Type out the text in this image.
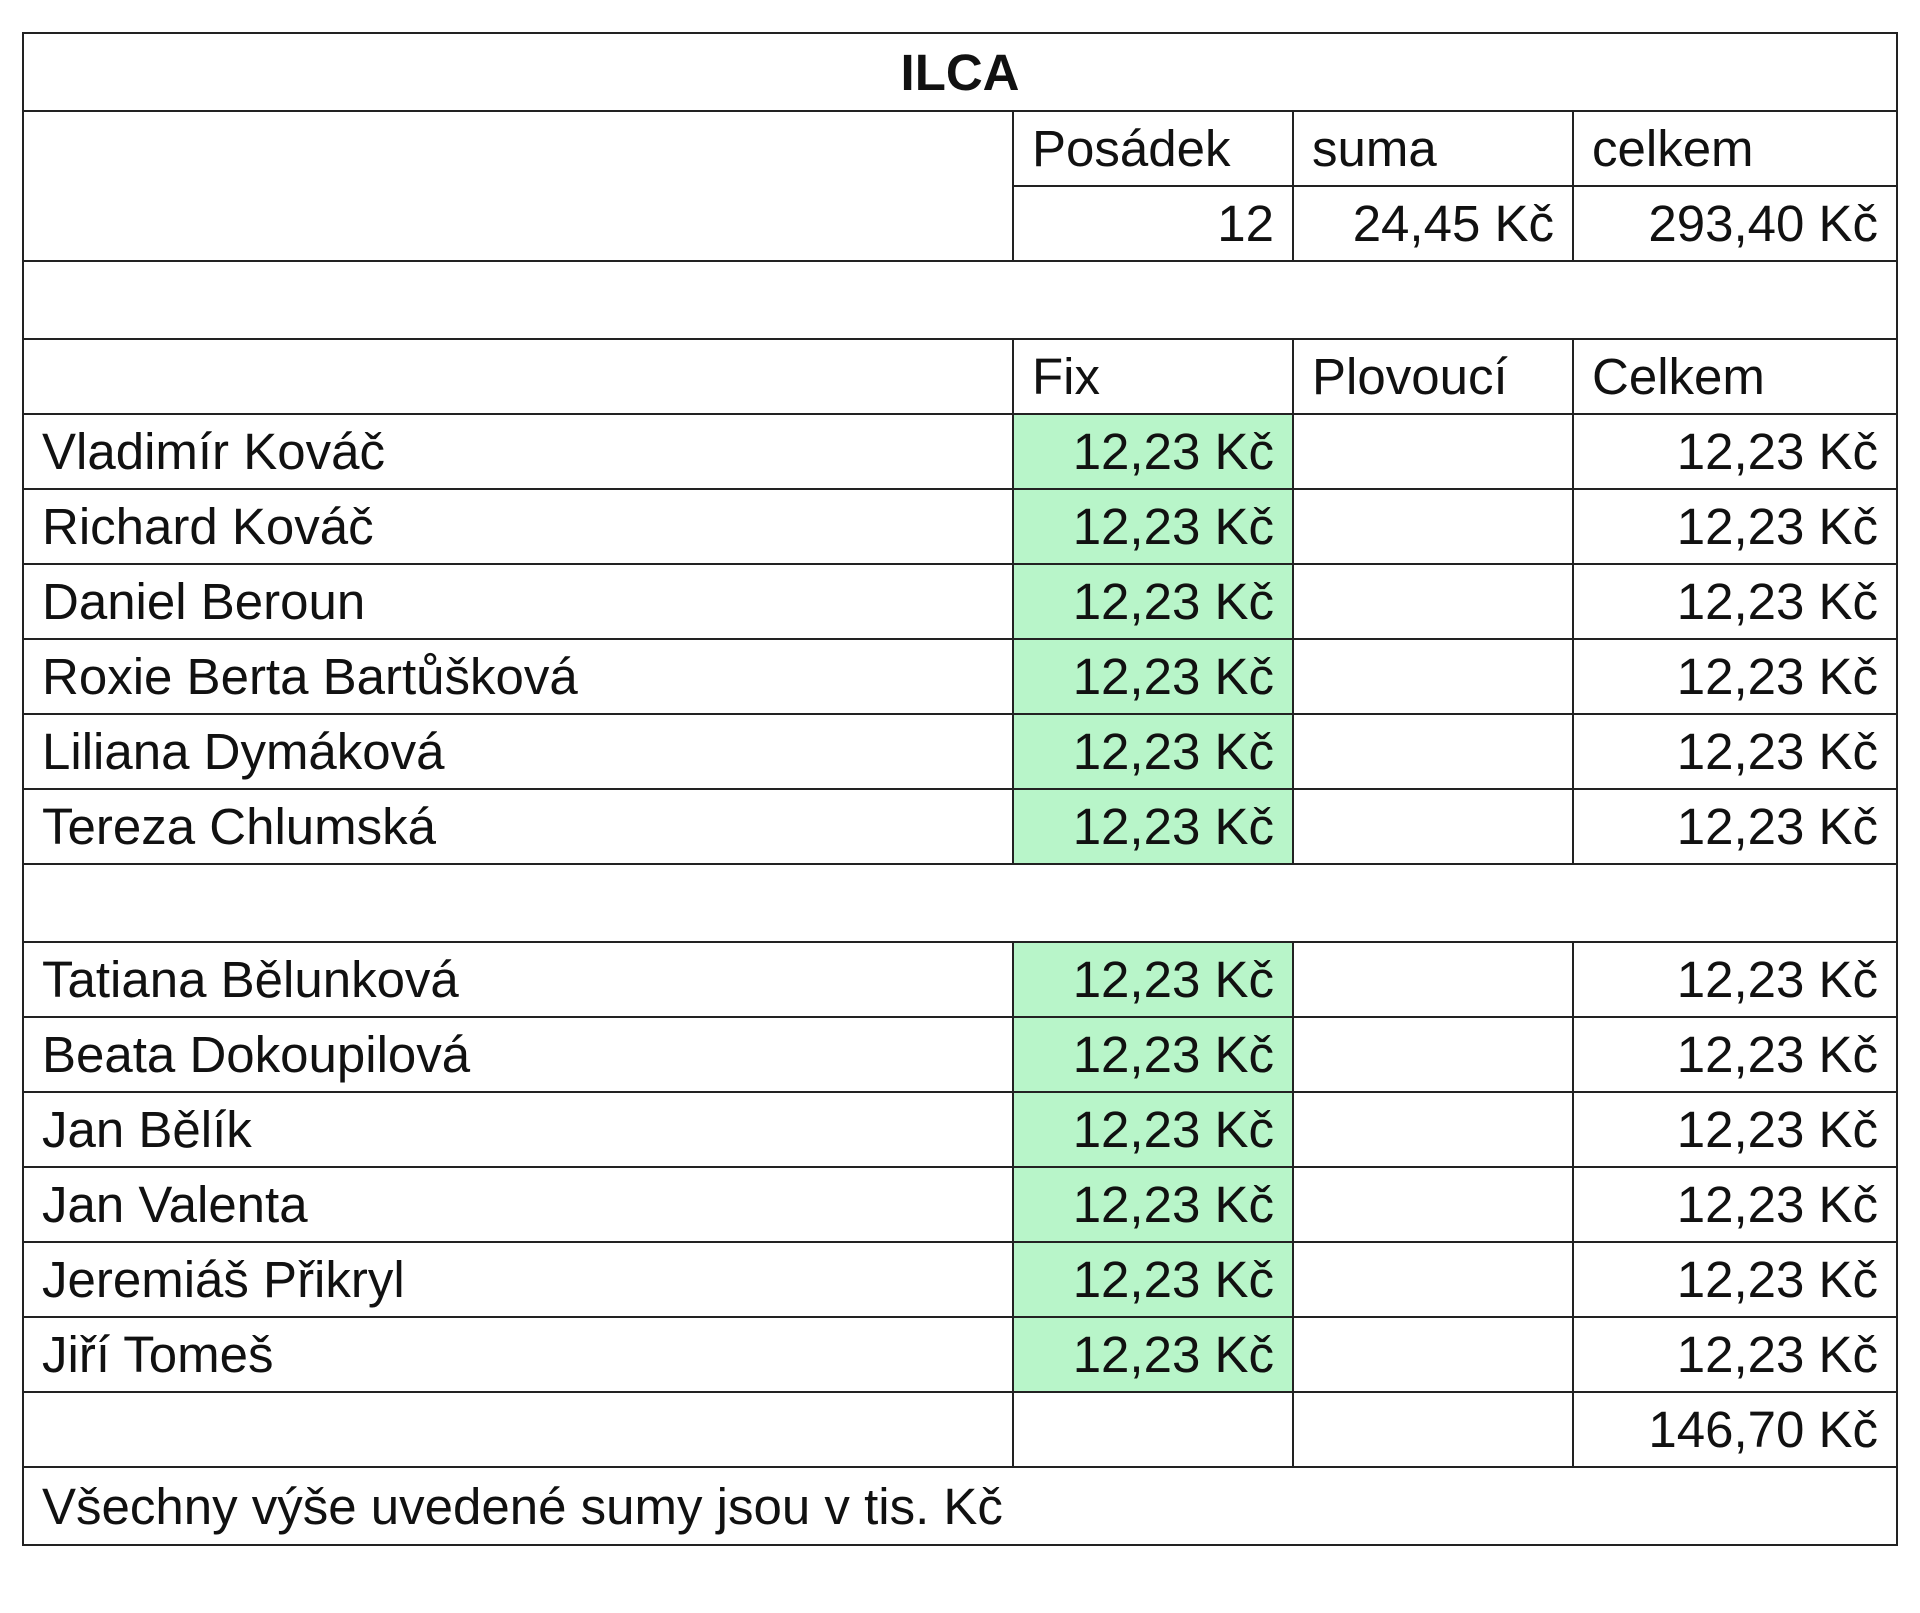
ILCA			
	Posádek	suma	celkem
	12	24,45 Kč	293,40 Kč

	Fix	Plovoucí	Celkem
Vladimír Kováč	12,23 Kč		12,23 Kč
Richard Kováč	12,23 Kč		12,23 Kč
Daniel Beroun	12,23 Kč		12,23 Kč
Roxie Berta Bartůšková	12,23 Kč		12,23 Kč
Liliana Dymáková	12,23 Kč		12,23 Kč
Tereza Chlumská	12,23 Kč		12,23 Kč

Tatiana Bělunková	12,23 Kč		12,23 Kč
Beata Dokoupilová	12,23 Kč		12,23 Kč
Jan Bělík	12,23 Kč		12,23 Kč
Jan Valenta	12,23 Kč		12,23 Kč
Jeremiáš Přikryl	12,23 Kč		12,23 Kč
Jiří Tomeš	12,23 Kč		12,23 Kč
			146,70 Kč
Všechny výše uvedené sumy jsou v tis. Kč			
